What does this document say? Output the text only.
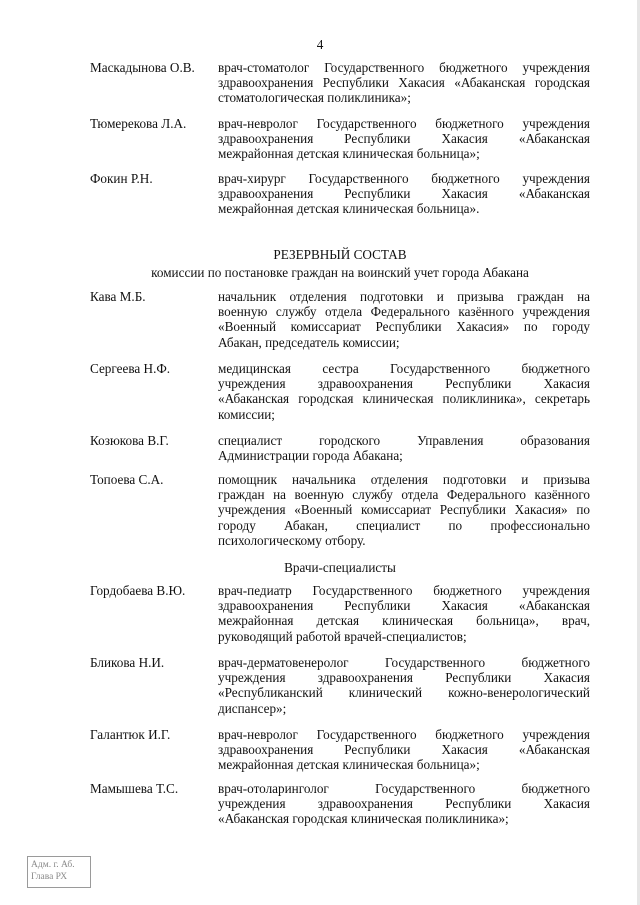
4
Маскадынова О.В. врач-стоматолог Государственного бюджетного учреждения
здравоохранения Республики Хакасия «Абаканская городская
стоматологическая поликлиника»;
Тюмерекова Л.А. врач-невролог Государственного бюджетного учреждения
здравоохранения Республики Хакасия «Абаканская
межрайонная детская клиническая больница»;
Фокин Р.Н.	врач-хирург Государственного бюджетного учреждения
здравоохранения Республики Хакасия «Абаканская
межрайонная детская клиническая больница».
РЕЗЕРВНЫЙ СОСТАВ
комиссии по постановке граждан на воинский учет города Абакана
Кава М.Б.	начальник отделения подготовки и призыва граждан на
военную службу отдела Федерального казённого учреждения
«Военный комиссариат Республики Хакасия» по городу
Абакан, председатель комиссии;
Сергеева Н.Ф.	медицинская сестра Государственного бюджетного
учреждения здравоохранения Республики Хакасия
«Абаканская городская клиническая поликлиника», секретарь
комиссии;
Козюкова В.Г.	специалист городского Управления образования
Администрации города Абакана;
Топоева С.А.	помощник начальника отделения подготовки и призыва
граждан на военную службу отдела Федерального казённого
учреждения «Военный комиссариат Республики Хакасия» по
городу Абакан, специалист по профессионально
психологическому отбору.
Врачи-специалисты
Гордобаева В.Ю. врач-педиатр Государственного бюджетного учреждения
здравоохранения Республики Хакасия «Абаканская
межрайонная детская клиническая больница», врач,
руководящий работой врачей-специалистов;
Бликова Н.И.	врач-дерматовенеролог Государственного бюджетного
учреждения здравоохранения Республики Хакасия
«Республиканский клинический кожно-венерологический
диспансер»;
Галантюк И.Г.	врач-невролог Государственного бюджетного учреждения
здравоохранения Республики Хакасия «Абаканская
межрайонная детская клиническая больница»;
Мамышева Т.С.	врач-отоларинголог Государственного бюджетного
учреждения здравоохранения Республики Хакасия
«Абаканская городская клиническая поликлиника»;
Адм. г. Аб.
Глава РХ
